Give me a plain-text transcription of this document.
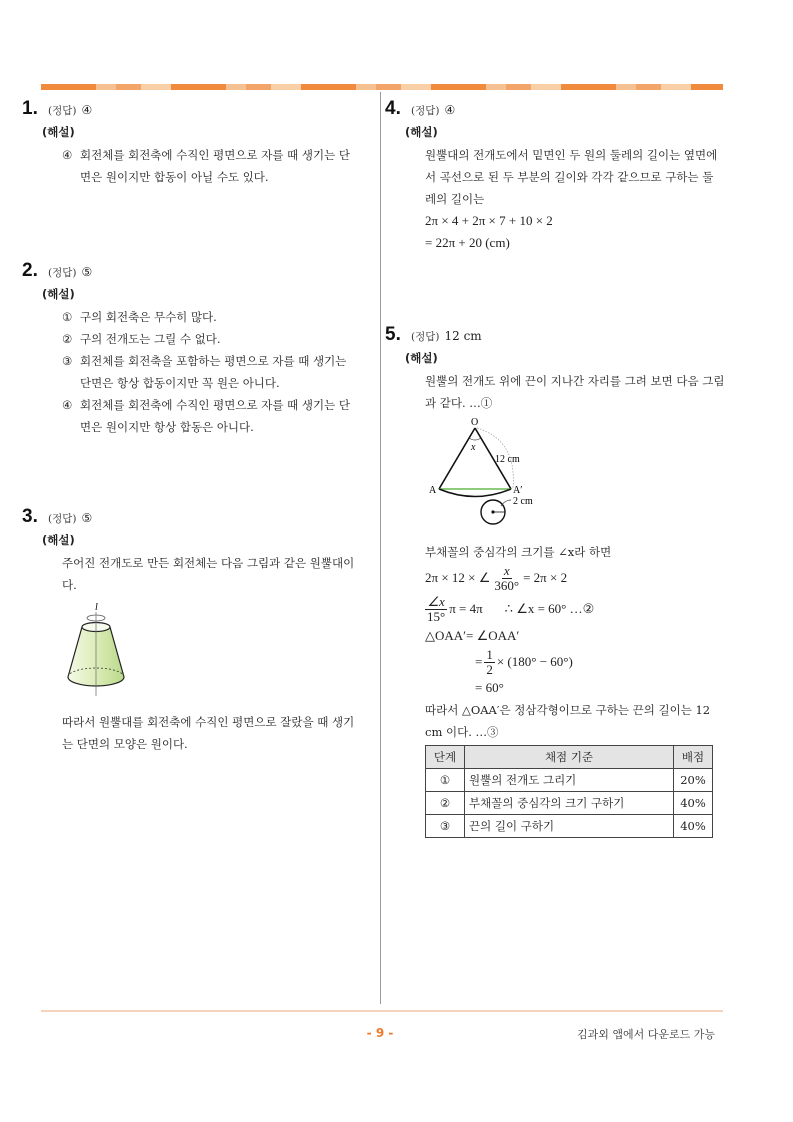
1. (정답) ④
(해설)
④ 회전체를 회전축에 수직인 평면으로 자를 때 생기는 단면은 원이지만 합동이 아닐 수도 있다.
2. (정답) ⑤
(해설)
① 구의 회전축은 무수히 많다.
② 구의 전개도는 그릴 수 없다.
③ 회전체를 회전축을 포함하는 평면으로 자를 때 생기는 단면은 항상 합동이지만 꼭 원은 아니다.
④ 회전체를 회전축에 수직인 평면으로 자를 때 생기는 단면은 원이지만 항상 합동은 아니다.
3. (정답) ⑤
(해설)
주어진 전개도로 만든 회전체는 다음 그림과 같은 원뿔대이다.
l
따라서 원뿔대를 회전축에 수직인 평면으로 잘랐을 때 생기는 단면의 모양은 원이다.
4. (정답) ④
(해설)
원뿔대의 전개도에서 밑면인 두 원의 둘레의 길이는 옆면에서 곡선으로 된 두 부분의 길이와 각각 같으므로 구하는 둘레의 길이는
2π × 4 + 2π × 7 + 10 × 2
= 22π + 20 (cm)
5. (정답) 12 cm
(해설)
원뿔의 전개도 위에 끈이 지나간 자리를 그려 보면 다음 그림과 같다. …①
O
x
12 cm
A	A′
2 cm
부채꼴의 중심각의 크기를 ∠x라 하면
2π × 12 × ∠ $\frac{x}{360^\circ} = 2\pi \times 2$
$\frac{\angle x}{15^\circ}$ π = 4π ∴ ∠x = 60° …②
△OAA′= ∠OAA′
= $\frac{1}{2} \times (180^\circ - 60^\circ)$
= 60°
따라서 △OAA′은 정삼각형이므로 구하는 끈의 길이는 12 cm 이다. …③
단계	채점 기준	배점
①	원뿔의 전개도 그리기	20%
②	부채꼴의 중심각의 크기 구하기	40%
③	끈의 길이 구하기	40%
- 9 -	김과외 앱에서 다운로드 가능
